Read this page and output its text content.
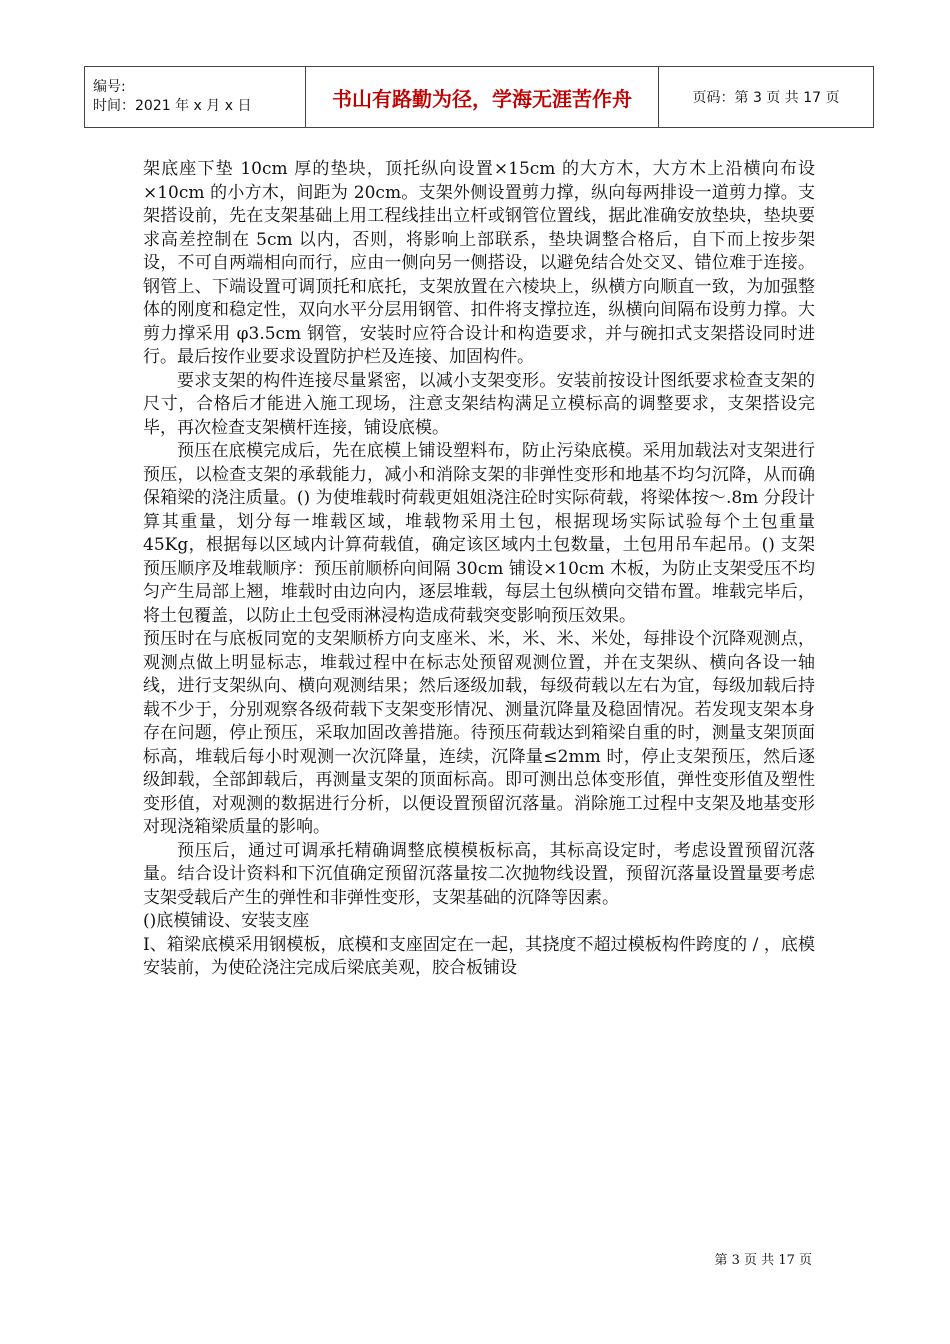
编号:
时间：2021 年 x 月 x 日	书山有路勤为径，学海无涯苦作舟	页码：第 3 页 共 17 页

架底座下垫 10cm 厚的垫块，顶托纵向设置×15cm 的大方木，大方木上沿横向布设×10cm 的小方木，间距为 20cm。支架外侧设置剪力撑，纵向每两排设一道剪力撑。支架搭设前，先在支架基础上用工程线挂出立杆或钢管位置线，据此准确安放垫块，垫块要求高差控制在 5cm 以内，否则，将影响上部联系，垫块调整合格后，自下而上按步架设，不可自两端相向而行，应由一侧向另一侧搭设，以避免结合处交叉、错位难于连接。钢管上、下端设置可调顶托和底托，支架放置在六棱块上，纵横方向顺直一致，为加强整体的刚度和稳定性，双向水平分层用钢管、扣件将支撑拉连，纵横向间隔布设剪力撑。大剪力撑采用 φ3.5cm 钢管，安装时应符合设计和构造要求，并与碗扣式支架搭设同时进行。最后按作业要求设置防护栏及连接、加固构件。

要求支架的构件连接尽量紧密，以减小支架变形。安装前按设计图纸要求检查支架的尺寸，合格后才能进入施工现场，注意支架结构满足立模标高的调整要求，支架搭设完毕，再次检查支架横杆连接，铺设底模。

预压在底模完成后，先在底模上铺设塑料布，防止污染底模。采用加载法对支架进行预压，以检查支架的承载能力，减小和消除支架的非弹性变形和地基不均匀沉降，从而确保箱梁的浇注质量。() 为使堆载时荷载更姐姐浇注砼时实际荷载，将梁体按～.8m 分段计算其重量，划分每一堆载区域，堆载物采用土包，根据现场实际试验每个土包重量 45Kg，根据每以区域内计算荷载值，确定该区域内土包数量，土包用吊车起吊。() 支架预压顺序及堆载顺序：预压前顺桥向间隔 30cm 铺设×10cm 木板，为防止支架受压不均匀产生局部上翘，堆载时由边向内，逐层堆载，每层土包纵横向交错布置。堆载完毕后，将土包覆盖，以防止土包受雨淋浸构造成荷载突变影响预压效果。

预压时在与底板同宽的支架顺桥方向支座米、米，米、米、米处，每排设个沉降观测点，观测点做上明显标志，堆载过程中在标志处预留观测位置，并在支架纵、横向各设一轴线，进行支架纵向、横向观测结果；然后逐级加载，每级荷载以左右为宜，每级加载后持载不少于，分别观察各级荷载下支架变形情况、测量沉降量及稳固情况。若发现支架本身存在问题，停止预压，采取加固改善措施。待预压荷载达到箱梁自重的时，测量支架顶面标高，堆载后每小时观测一次沉降量，连续，沉降量≤2mm 时，停止支架预压，然后逐级卸载，全部卸载后，再测量支架的顶面标高。即可测出总体变形值，弹性变形值及塑性变形值，对观测的数据进行分析，以便设置预留沉落量。消除施工过程中支架及地基变形对现浇箱梁质量的影响。

预压后，通过可调承托精确调整底模模板标高，其标高设定时，考虑设置预留沉落量。结合设计资料和下沉值确定预留沉落量按二次抛物线设置，预留沉落量设置量要考虑支架受载后产生的弹性和非弹性变形，支架基础的沉降等因素。

()底模铺设、安装支座

Ⅰ、箱梁底模采用钢模板，底模和支座固定在一起，其挠度不超过模板构件跨度的 / ，底模安装前，为使砼浇注完成后梁底美观，胶合板铺设

第 3 页 共 17 页
